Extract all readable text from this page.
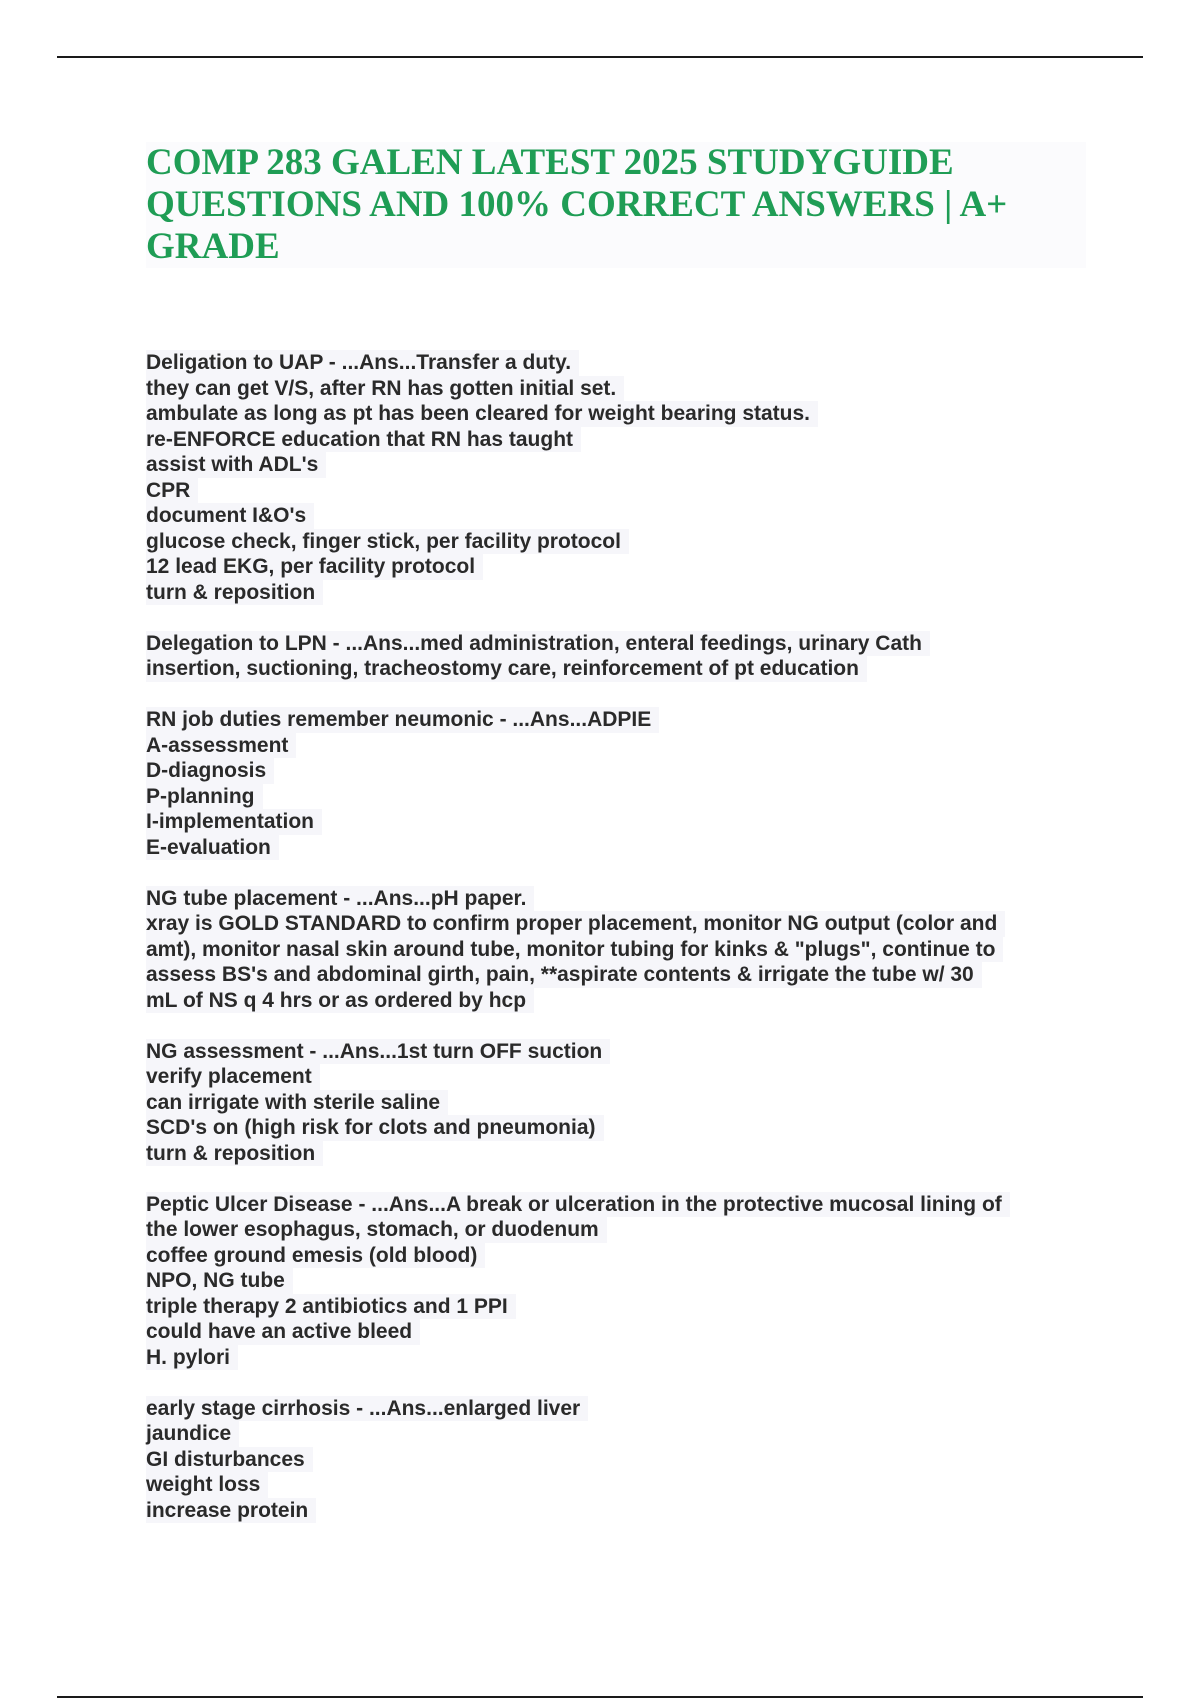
COMP 283 GALEN LATEST 2025 STUDYGUIDE QUESTIONS AND 100% CORRECT ANSWERS | A+ GRADE
Deligation to UAP - ...Ans...Transfer a duty.
they can get V/S, after RN has gotten initial set.
ambulate as long as pt has been cleared for weight bearing status.
re-ENFORCE education that RN has taught
assist with ADL's
CPR
document I&O's
glucose check, finger stick, per facility protocol
12 lead EKG, per facility protocol
turn & reposition
Delegation to LPN - ...Ans...med administration, enteral feedings, urinary Cath
insertion, suctioning, tracheostomy care, reinforcement of pt education
RN job duties remember neumonic - ...Ans...ADPIE
A-assessment
D-diagnosis
P-planning
I-implementation
E-evaluation
NG tube placement - ...Ans...pH paper.
xray is GOLD STANDARD to confirm proper placement, monitor NG output (color and
amt), monitor nasal skin around tube, monitor tubing for kinks & "plugs", continue to
assess BS's and abdominal girth, pain, **aspirate contents & irrigate the tube w/ 30
mL of NS q 4 hrs or as ordered by hcp
NG assessment - ...Ans...1st turn OFF suction
verify placement
can irrigate with sterile saline
SCD's on (high risk for clots and pneumonia)
turn & reposition
Peptic Ulcer Disease - ...Ans...A break or ulceration in the protective mucosal lining of
the lower esophagus, stomach, or duodenum
coffee ground emesis (old blood)
NPO, NG tube
triple therapy 2 antibiotics and 1 PPI
could have an active bleed
H. pylori
early stage cirrhosis - ...Ans...enlarged liver
jaundice
GI disturbances
weight loss
increase protein
